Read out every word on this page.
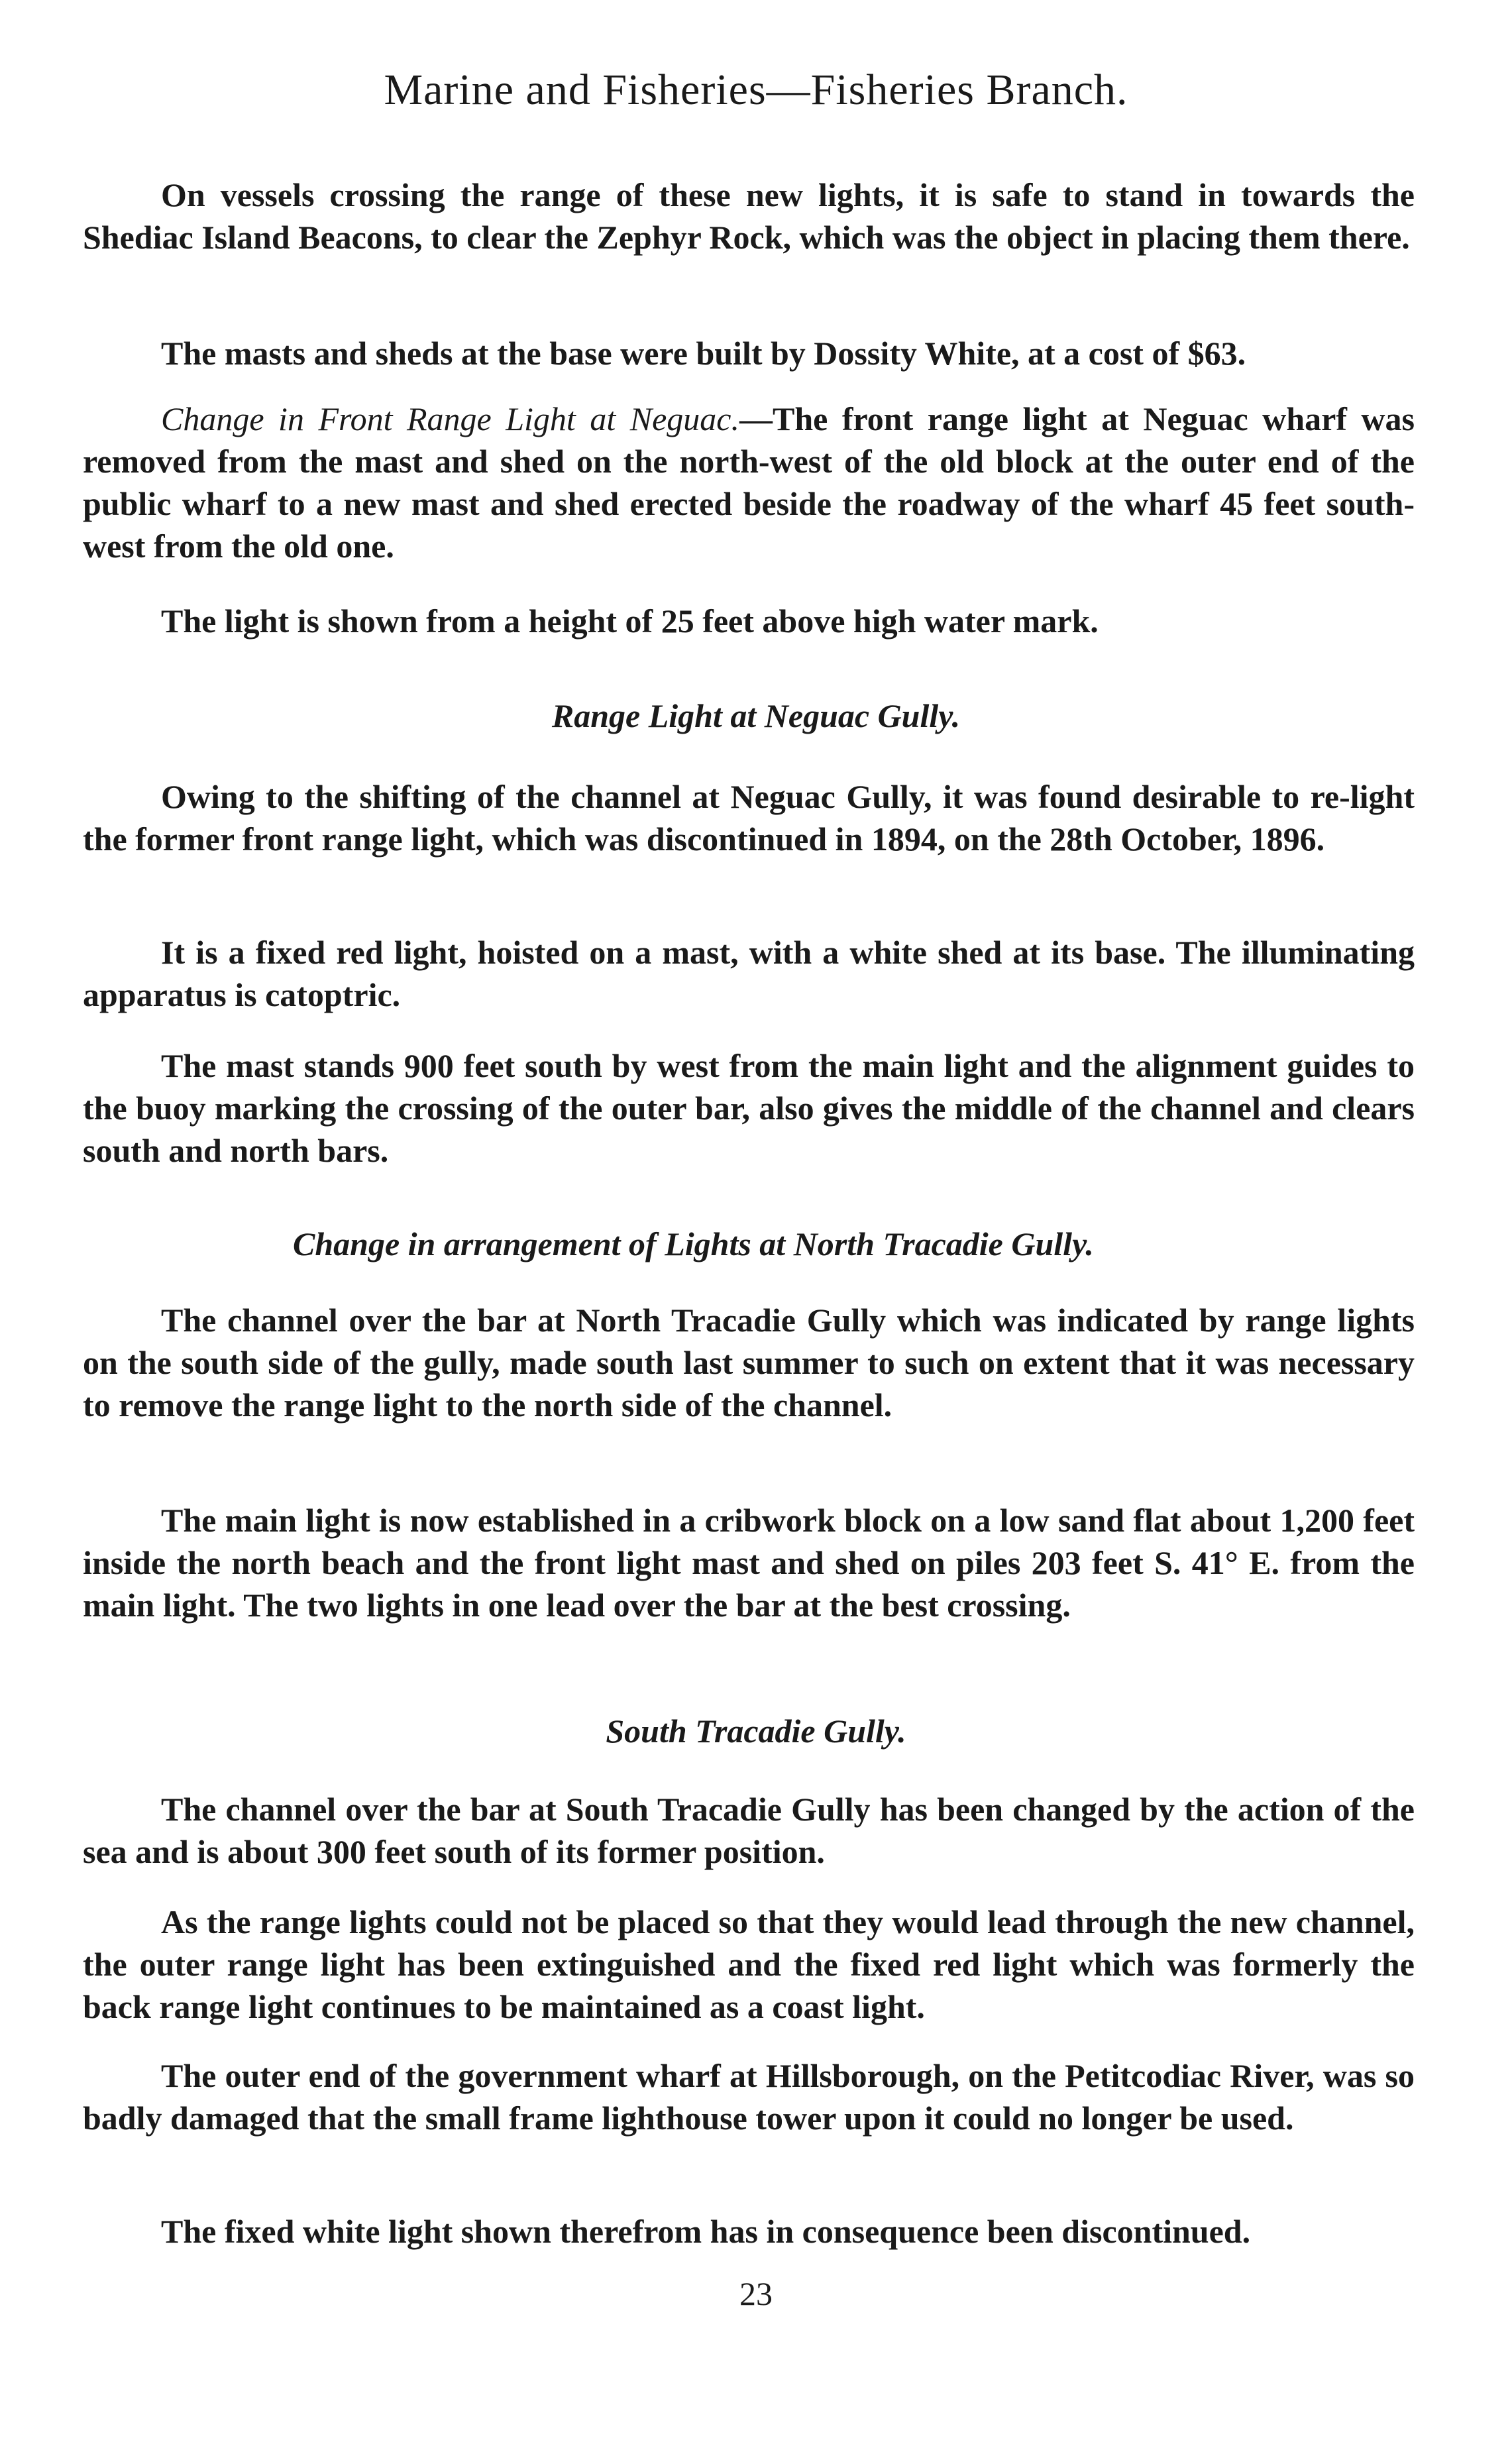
Marine and Fisheries—Fisheries Branch.

On vessels crossing the range of these new lights, it is safe to stand in towards the Shediac Island Beacons, to clear the Zephyr Rock, which was the object in placing them there.

The masts and sheds at the base were built by Dossity White, at a cost of $63.

Change in Front Range Light at Neguac.—The front range light at Neguac wharf was removed from the mast and shed on the north-west of the old block at the outer end of the public wharf to a new mast and shed erected beside the roadway of the wharf 45 feet south-west from the old one.

The light is shown from a height of 25 feet above high water mark.

Range Light at Neguac Gully.

Owing to the shifting of the channel at Neguac Gully, it was found desirable to re-light the former front range light, which was discontinued in 1894, on the 28th October, 1896.

It is a fixed red light, hoisted on a mast, with a white shed at its base. The illuminating apparatus is catoptric.

The mast stands 900 feet south by west from the main light and the alignment guides to the buoy marking the crossing of the outer bar, also gives the middle of the channel and clears south and north bars.

Change in arrangement of Lights at North Tracadie Gully.

The channel over the bar at North Tracadie Gully which was indicated by range lights on the south side of the gully, made south last summer to such on extent that it was necessary to remove the range light to the north side of the channel.

The main light is now established in a cribwork block on a low sand flat about 1,200 feet inside the north beach and the front light mast and shed on piles 203 feet S. 41° E. from the main light. The two lights in one lead over the bar at the best crossing.

South Tracadie Gully.

The channel over the bar at South Tracadie Gully has been changed by the action of the sea and is about 300 feet south of its former position.

As the range lights could not be placed so that they would lead through the new channel, the outer range light has been extinguished and the fixed red light which was formerly the back range light continues to be maintained as a coast light.

The outer end of the government wharf at Hillsborough, on the Petitcodiac River, was so badly damaged that the small frame lighthouse tower upon it could no longer be used.

The fixed white light shown therefrom has in consequence been discontinued.

23
